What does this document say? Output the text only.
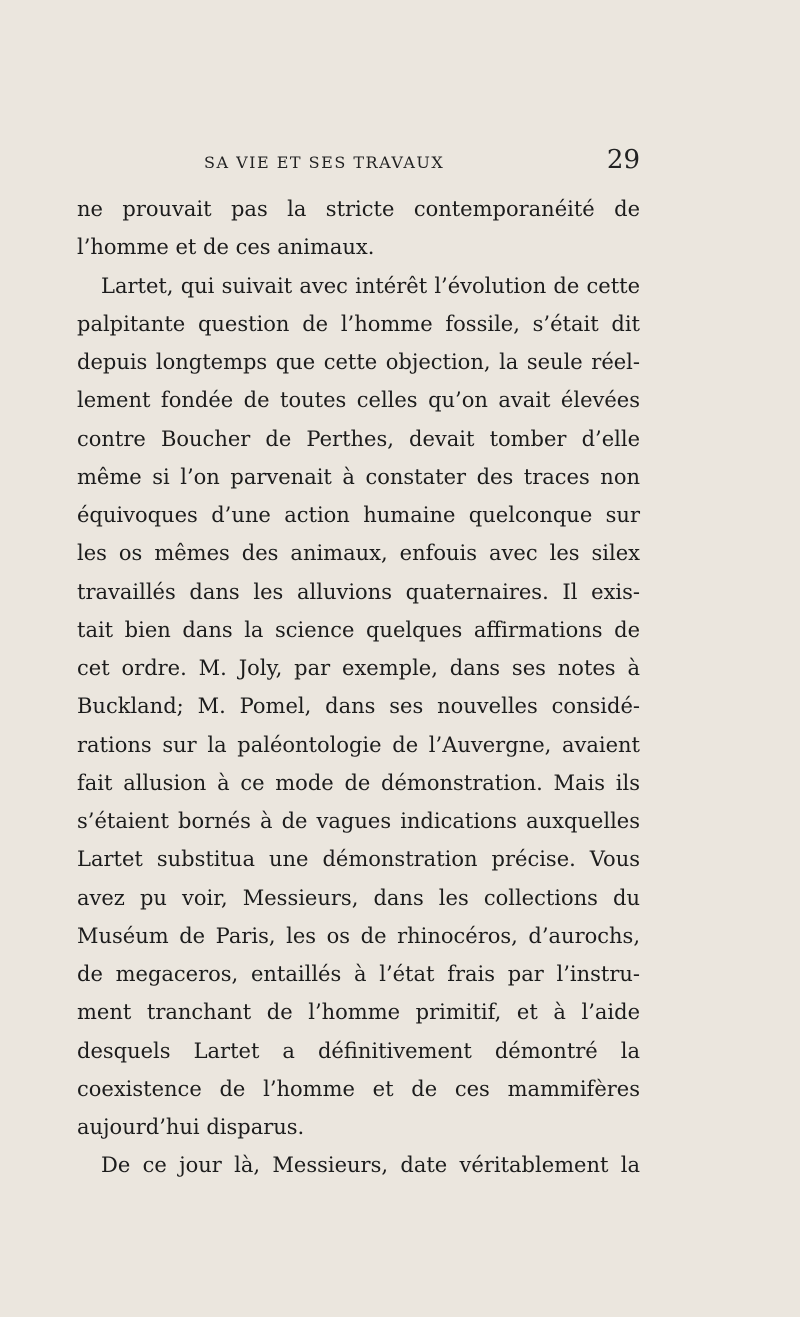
SA VIE ET SES TRAVAUX	29
ne prouvait pas la stricte contemporanéité de
l’homme et de ces animaux.
Lartet, qui suivait avec intérêt l’évolution de cette
palpitante question de l’homme fossile, s’était dit
depuis longtemps que cette objection, la seule réel-
lement fondée de toutes celles qu’on avait élevées
contre Boucher de Perthes, devait tomber d’elle
même si l’on parvenait à constater des traces non
équivoques d’une action humaine quelconque sur
les os mêmes des animaux, enfouis avec les silex
travaillés dans les alluvions quaternaires. Il exis-
tait bien dans la science quelques affirmations de
cet ordre. M. Joly, par exemple, dans ses notes à
Buckland; M. Pomel, dans ses nouvelles considé-
rations sur la paléontologie de l’Auvergne, avaient
fait allusion à ce mode de démonstration. Mais ils
s’étaient bornés à de vagues indications auxquelles
Lartet substitua une démonstration précise. Vous
avez pu voir, Messieurs, dans les collections du
Muséum de Paris, les os de rhinocéros, d’aurochs,
de megaceros, entaillés à l’état frais par l’instru-
ment tranchant de l’homme primitif, et à l’aide
desquels Lartet a définitivement démontré la
coexistence de l’homme et de ces mammifères
aujourd’hui disparus.
De ce jour là, Messieurs, date véritablement la
